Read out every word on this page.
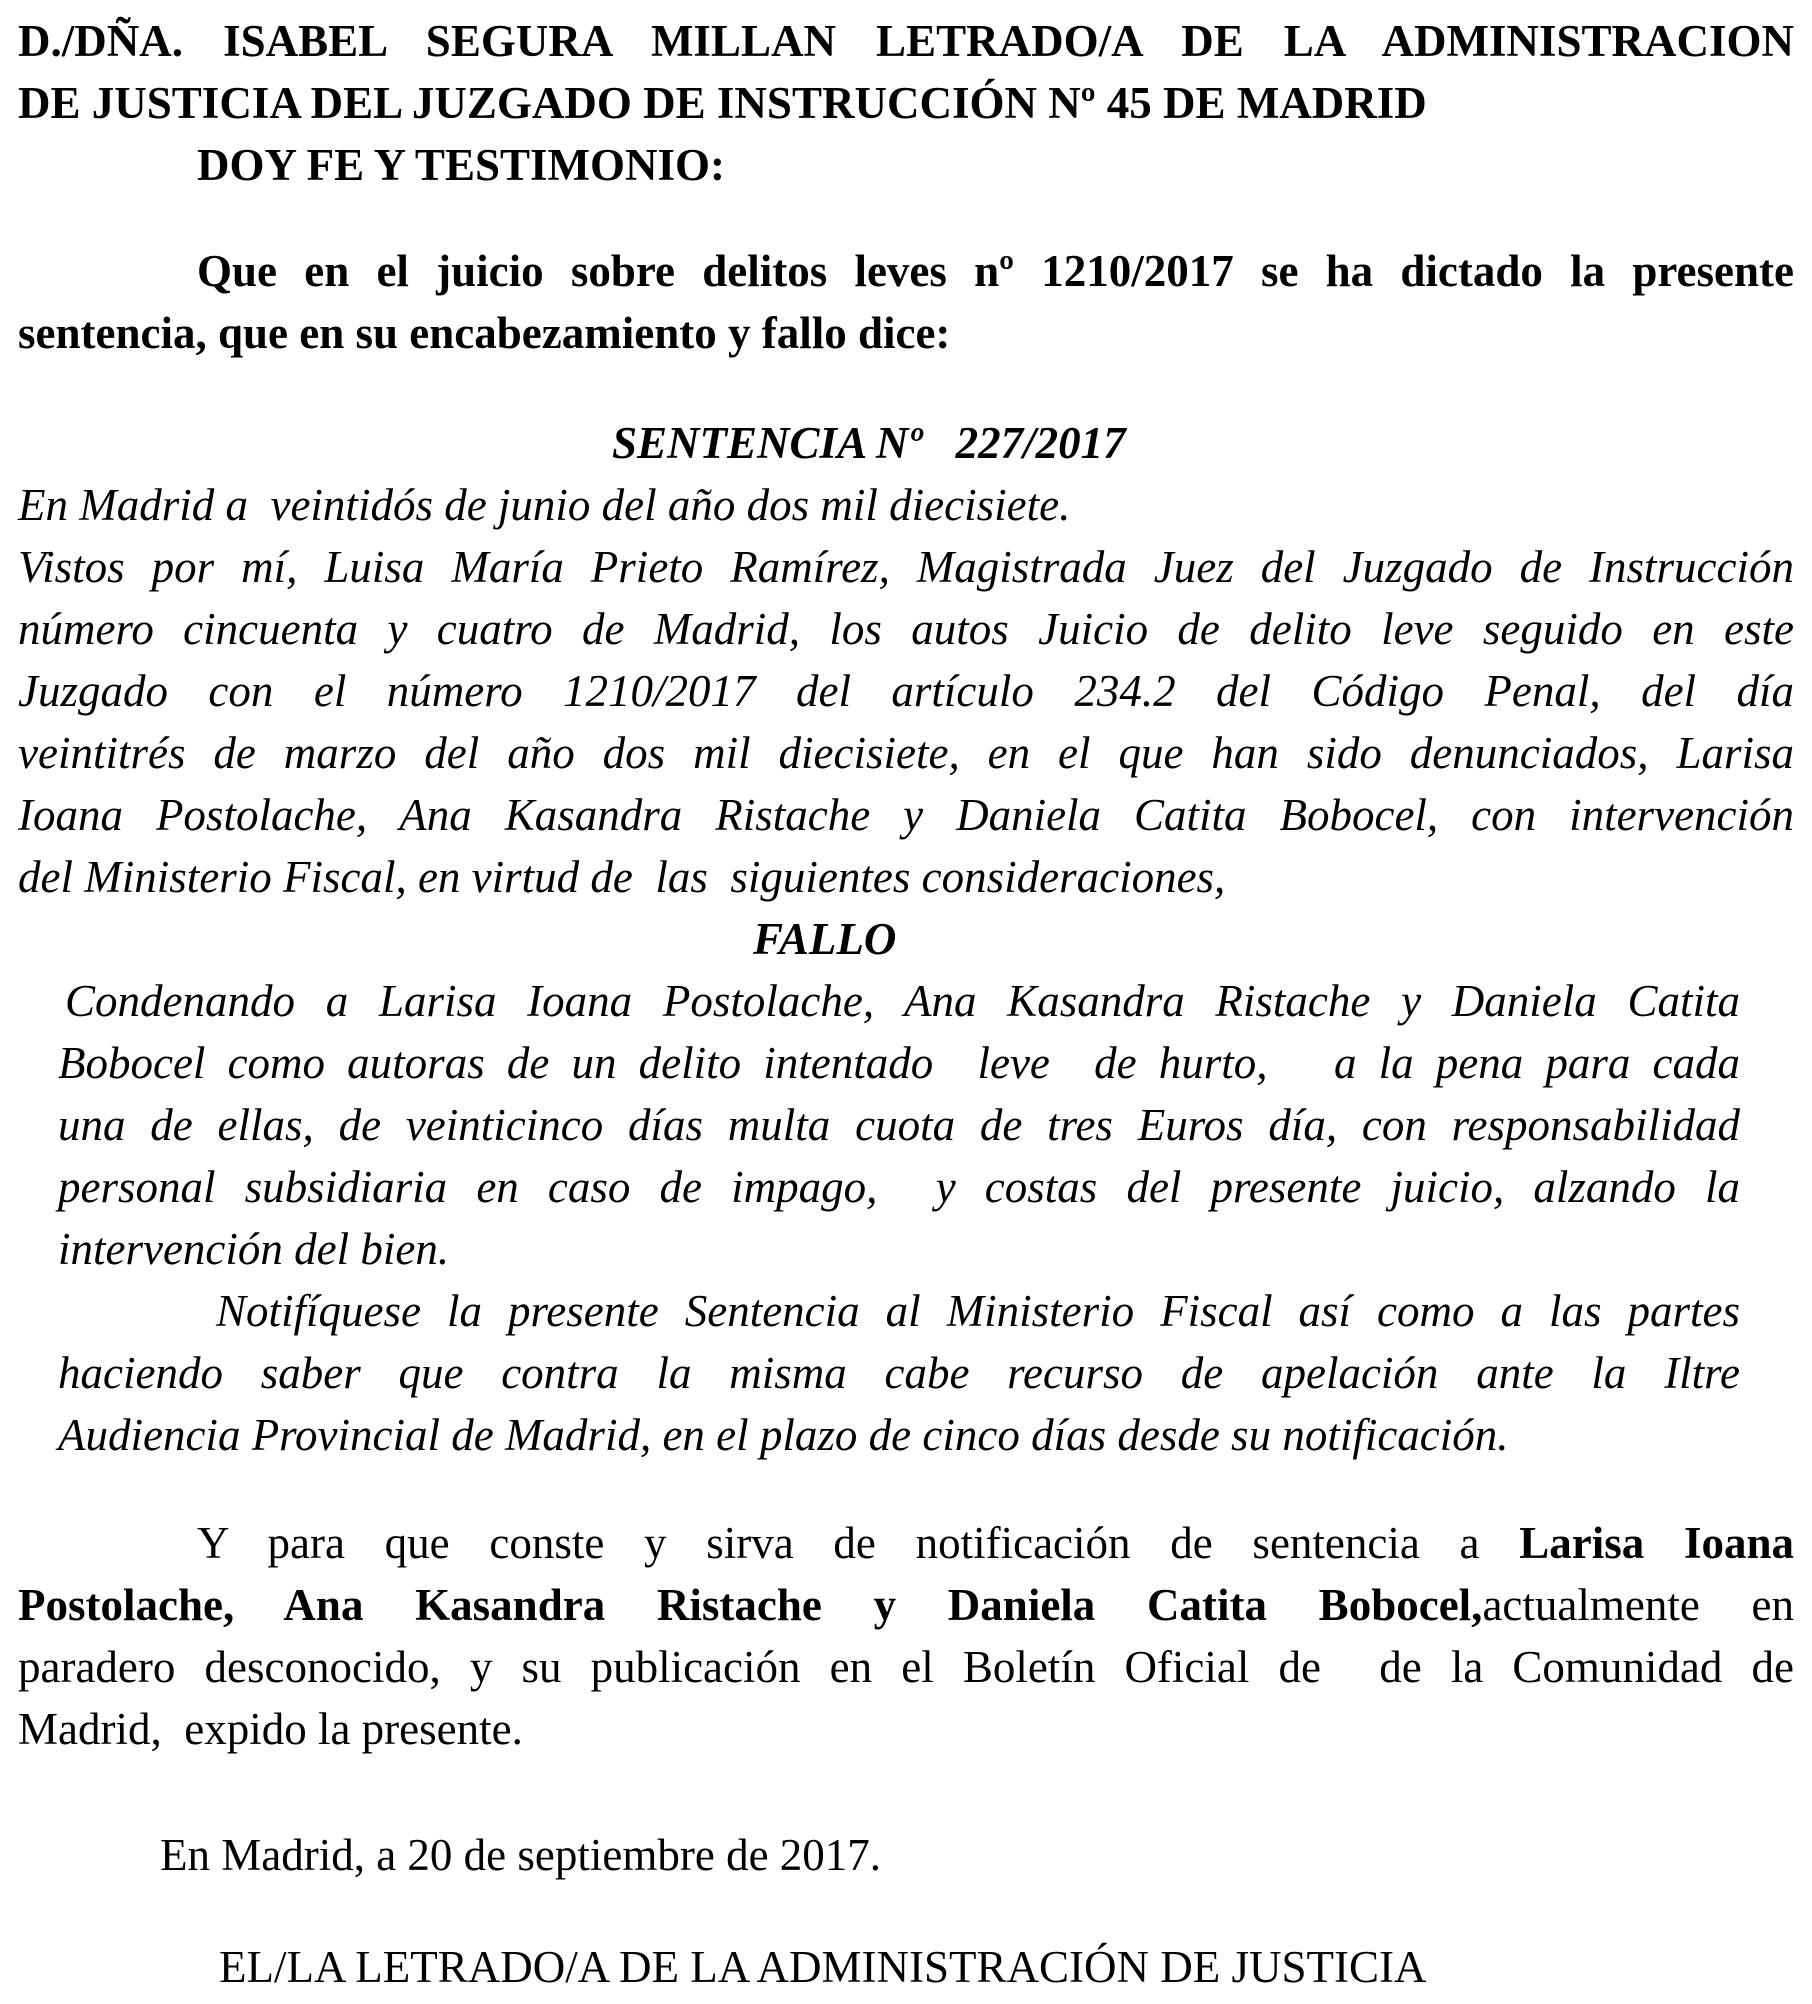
D./DÑA. ISABEL SEGURA MILLAN LETRADO/A DE LA ADMINISTRACION
DE JUSTICIA DEL JUZGADO DE INSTRUCCIÓN Nº 45 DE MADRID
DOY FE Y TESTIMONIO:
Que en el juicio sobre delitos leves nº 1210/2017 se ha dictado la presente
sentencia, que en su encabezamiento y fallo dice:
SENTENCIA Nº   227/2017
En Madrid a  veintidós de junio del año dos mil diecisiete.
Vistos por mí, Luisa María Prieto Ramírez, Magistrada Juez del Juzgado de Instrucción
número cincuenta y cuatro de Madrid, los autos Juicio de delito leve seguido en este
Juzgado con el número 1210/2017 del artículo 234.2 del Código Penal, del día
veintitrés de marzo del año dos mil diecisiete, en el que han sido denunciados, Larisa
Ioana Postolache, Ana Kasandra Ristache y Daniela Catita Bobocel, con intervención
del Ministerio Fiscal, en virtud de  las  siguientes consideraciones,
FALLO
Condenando a Larisa Ioana Postolache, Ana Kasandra Ristache y Daniela Catita
Bobocel como autoras de un delito intentado  leve  de hurto,   a la pena para cada
una de ellas, de veinticinco días multa cuota de tres Euros día, con responsabilidad
personal subsidiaria en caso de impago,  y costas del presente juicio, alzando la
intervención del bien.
Notifíquese la presente Sentencia al Ministerio Fiscal así como a las partes
haciendo saber que contra la misma cabe recurso de apelación ante la Iltre
Audiencia Provincial de Madrid, en el plazo de cinco días desde su notificación.
Y para que conste y sirva de notificación de sentencia a Larisa Ioana
Postolache, Ana Kasandra Ristache y Daniela Catita Bobocel,actualmente en
paradero desconocido, y su publicación en el Boletín Oficial de  de la Comunidad de
Madrid,  expido la presente.
En Madrid, a 20 de septiembre de 2017.
EL/LA LETRADO/A DE LA ADMINISTRACIÓN DE JUSTICIA
